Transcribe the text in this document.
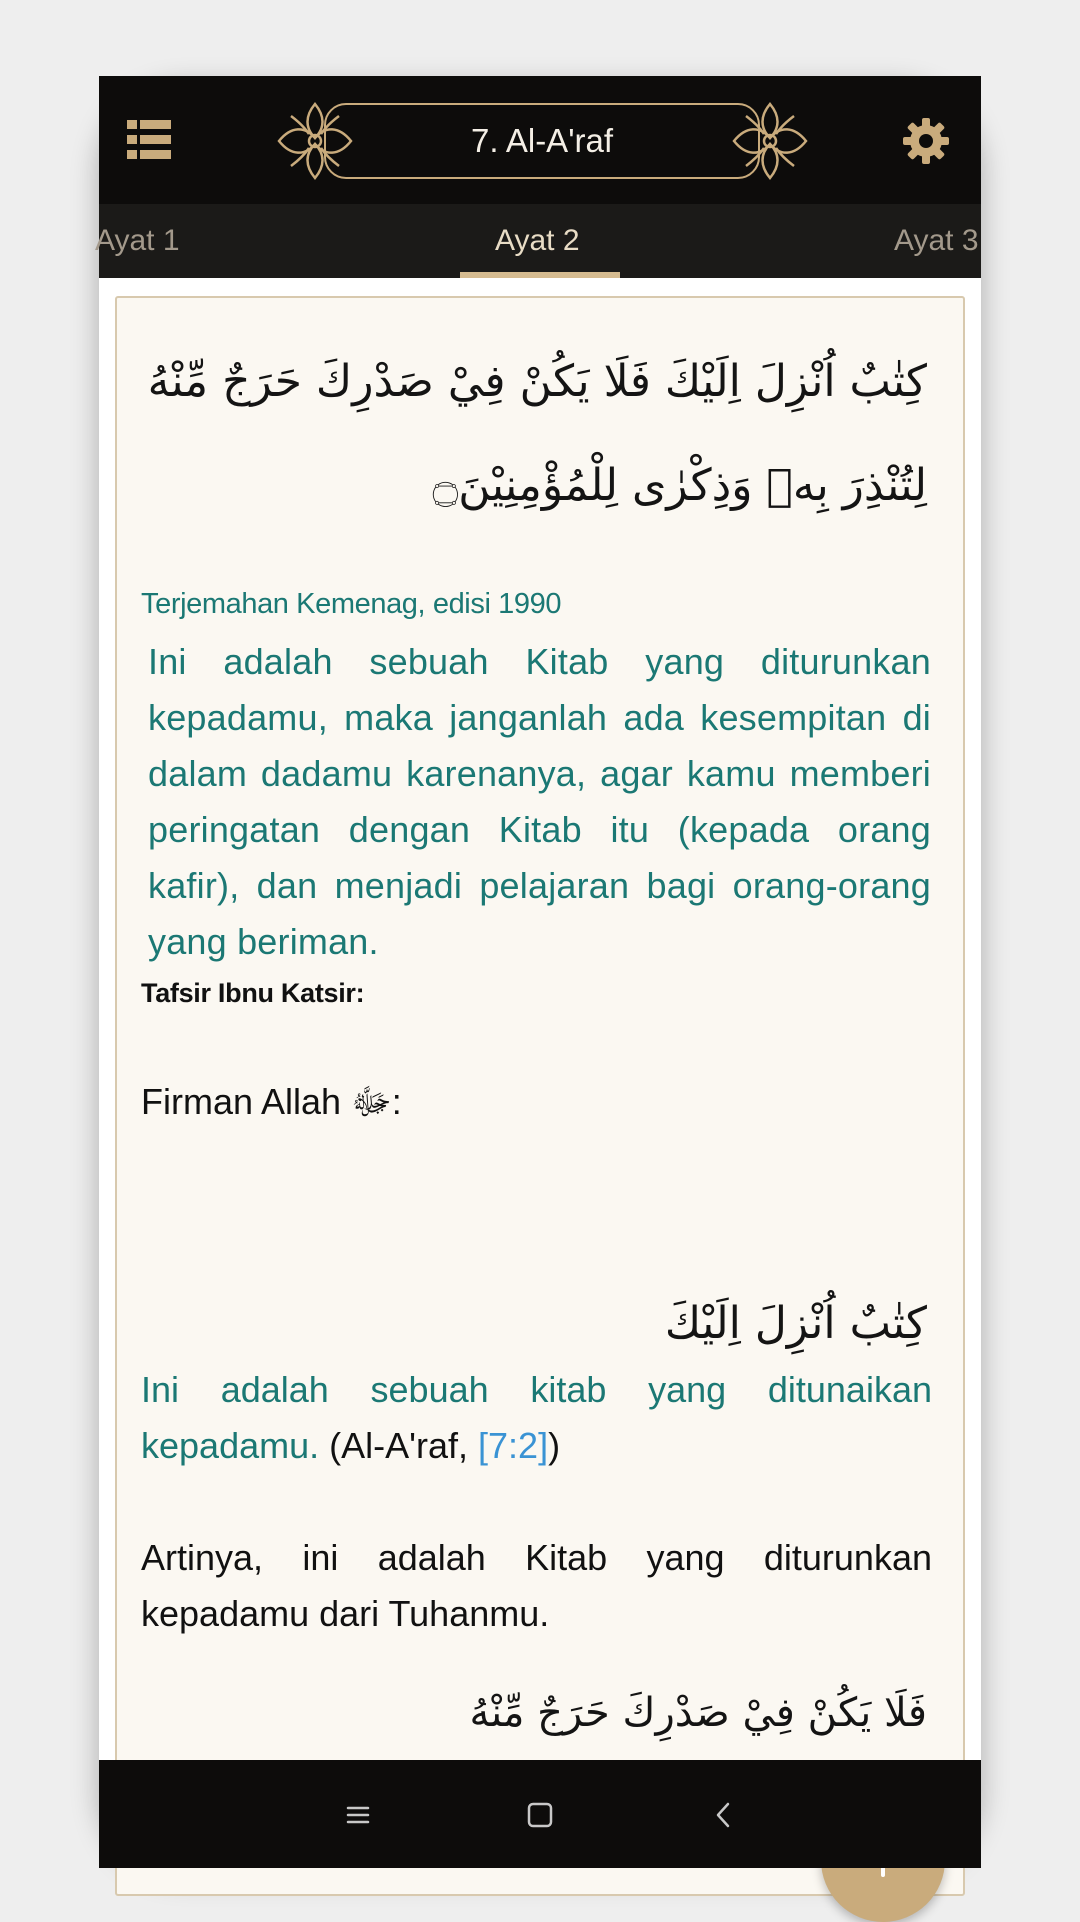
7. Al-A'raf
Ayat 1	Ayat 2	Ayat 3
كِتٰبٌ اُنْزِلَ اِلَيْكَ فَلَا يَكُنْ فِيْ صَدْرِكَ حَرَجٌ مِّنْهُ
لِتُنْذِرَ بِهٖ وَذِكْرٰى لِلْمُؤْمِنِيْنَ۝
Terjemahan Kemenag, edisi 1990
Ini adalah sebuah Kitab yang diturunkan kepadamu, maka janganlah ada kesempitan di dalam dadamu karenanya, agar kamu memberi peringatan dengan Kitab itu (kepada orang kafir), dan menjadi pelajaran bagi orang-orang yang beriman.
Tafsir Ibnu Katsir:
Firman Allah ﷻ:
كِتٰبٌ اُنْزِلَ اِلَيْكَ
Ini adalah sebuah kitab yang ditunaikan kepadamu. (Al-A'raf, [7:2])
Artinya, ini adalah Kitab yang diturunkan kepadamu dari Tuhanmu.
فَلَا يَكُنْ فِيْ صَدْرِكَ حَرَجٌ مِّنْهُ
